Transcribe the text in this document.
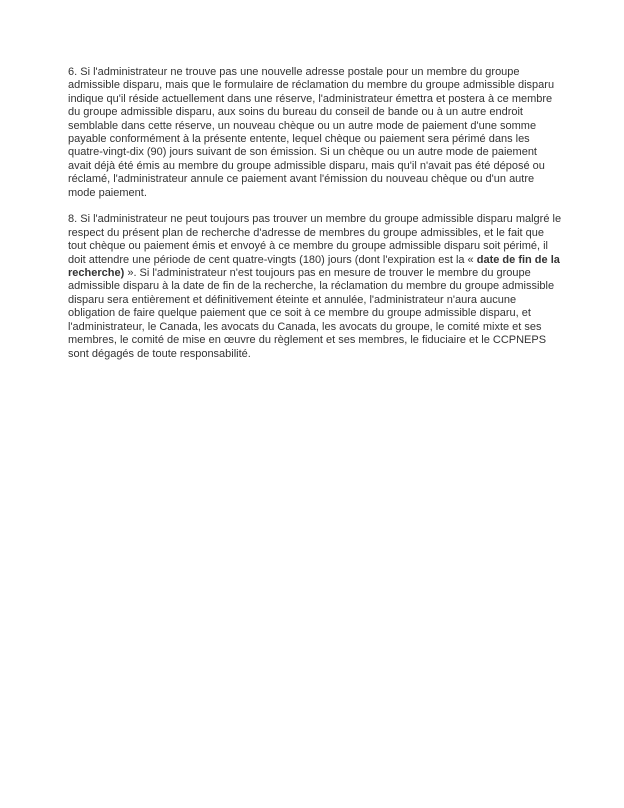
6. Si l'administrateur ne trouve pas une nouvelle adresse postale pour un membre du groupe admissible disparu, mais que le formulaire de réclamation du membre du groupe admissible disparu indique qu'il réside actuellement dans une réserve, l'administrateur émettra et postera à ce membre du groupe admissible disparu, aux soins du bureau du conseil de bande ou à un autre endroit semblable dans cette réserve, un nouveau chèque ou un autre mode de paiement d'une somme payable conformément à la présente entente, lequel chèque ou paiement sera périmé dans les quatre-vingt-dix (90) jours suivant de son émission. Si un chèque ou un autre mode de paiement avait déjà été émis au membre du groupe admissible disparu, mais qu'il n'avait pas été déposé ou réclamé, l'administrateur annule ce paiement avant l'émission du nouveau chèque ou d'un autre mode paiement.

8. Si l'administrateur ne peut toujours pas trouver un membre du groupe admissible disparu malgré le respect du présent plan de recherche d'adresse de membres du groupe admissibles, et le fait que tout chèque ou paiement émis et envoyé à ce membre du groupe admissible disparu soit périmé, il doit attendre une période de cent quatre-vingts (180) jours (dont l'expiration est la « date de fin de la recherche) ». Si l'administrateur n'est toujours pas en mesure de trouver le membre du groupe admissible disparu à la date de fin de la recherche, la réclamation du membre du groupe admissible disparu sera entièrement et définitivement éteinte et annulée, l'administrateur n'aura aucune obligation de faire quelque paiement que ce soit à ce membre du groupe admissible disparu, et l'administrateur, le Canada, les avocats du Canada, les avocats du groupe, le comité mixte et ses membres, le comité de mise en œuvre du règlement et ses membres, le fiduciaire et le CCPNEPS sont dégagés de toute responsabilité.
